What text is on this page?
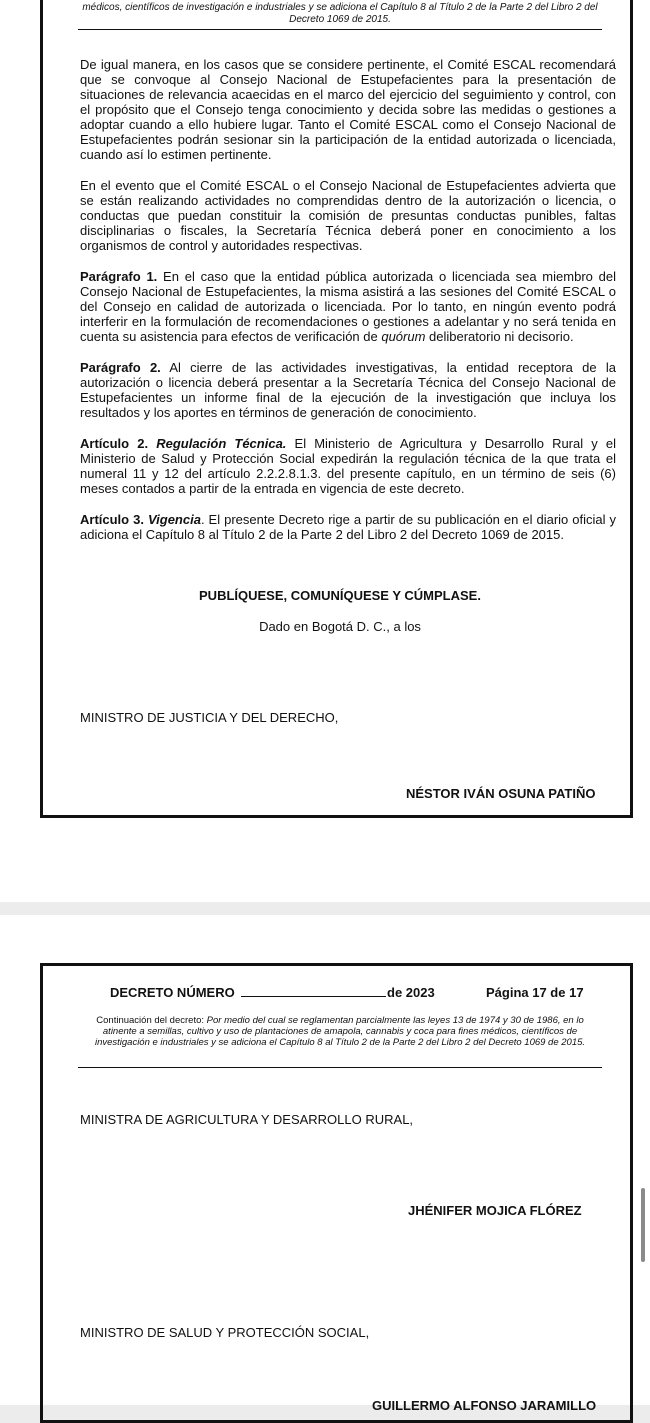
médicos, científicos de investigación e industriales y se adiciona el Capítulo 8 al Título 2 de la Parte 2 del Libro 2 del Decreto 1069 de 2015.
De igual manera, en los casos que se considere pertinente, el Comité ESCAL recomendará que se convoque al Consejo Nacional de Estupefacientes para la presentación de situaciones de relevancia acaecidas en el marco del ejercicio del seguimiento y control, con el propósito que el Consejo tenga conocimiento y decida sobre las medidas o gestiones a adoptar cuando a ello hubiere lugar. Tanto el Comité ESCAL como el Consejo Nacional de Estupefacientes podrán sesionar sin la participación de la entidad autorizada o licenciada, cuando así lo estimen pertinente.
En el evento que el Comité ESCAL o el Consejo Nacional de Estupefacientes advierta que se están realizando actividades no comprendidas dentro de la autorización o licencia, o conductas que puedan constituir la comisión de presuntas conductas punibles, faltas disciplinarias o fiscales, la Secretaría Técnica deberá poner en conocimiento a los organismos de control y autoridades respectivas.
Parágrafo 1. En el caso que la entidad pública autorizada o licenciada sea miembro del Consejo Nacional de Estupefacientes, la misma asistirá a las sesiones del Comité ESCAL o del Consejo en calidad de autorizada o licenciada. Por lo tanto, en ningún evento podrá interferir en la formulación de recomendaciones o gestiones a adelantar y no será tenida en cuenta su asistencia para efectos de verificación de quórum deliberatorio ni decisorio.
Parágrafo 2. Al cierre de las actividades investigativas, la entidad receptora de la autorización o licencia deberá presentar a la Secretaría Técnica del Consejo Nacional de Estupefacientes un informe final de la ejecución de la investigación que incluya los resultados y los aportes en términos de generación de conocimiento.
Artículo 2. Regulación Técnica. El Ministerio de Agricultura y Desarrollo Rural y el Ministerio de Salud y Protección Social expedirán la regulación técnica de la que trata el numeral 11 y 12 del artículo 2.2.2.8.1.3. del presente capítulo, en un término de seis (6) meses contados a partir de la entrada en vigencia de este decreto.
Artículo 3. Vigencia. El presente Decreto rige a partir de su publicación en el diario oficial y adiciona el Capítulo 8 al Título 2 de la Parte 2 del Libro 2 del Decreto 1069 de 2015.
PUBLÍQUESE, COMUNÍQUESE Y CÚMPLASE.
Dado en Bogotá D. C., a los
MINISTRO DE JUSTICIA Y DEL DERECHO,
NÉSTOR IVÁN OSUNA PATIÑO
DECRETO NÚMERO	de 2023	Página 17 de 17
Continuación del decreto: Por medio del cual se reglamentan parcialmente las leyes 13 de 1974 y 30 de 1986, en lo atinente a semillas, cultivo y uso de plantaciones de amapola, cannabis y coca para fines médicos, científicos de investigación e industriales y se adiciona el Capítulo 8 al Título 2 de la Parte 2 del Libro 2 del Decreto 1069 de 2015.
MINISTRA DE AGRICULTURA Y DESARROLLO RURAL,
JHÉNIFER MOJICA FLÓREZ
MINISTRO DE SALUD Y PROTECCIÓN SOCIAL,
GUILLERMO ALFONSO JARAMILLO
